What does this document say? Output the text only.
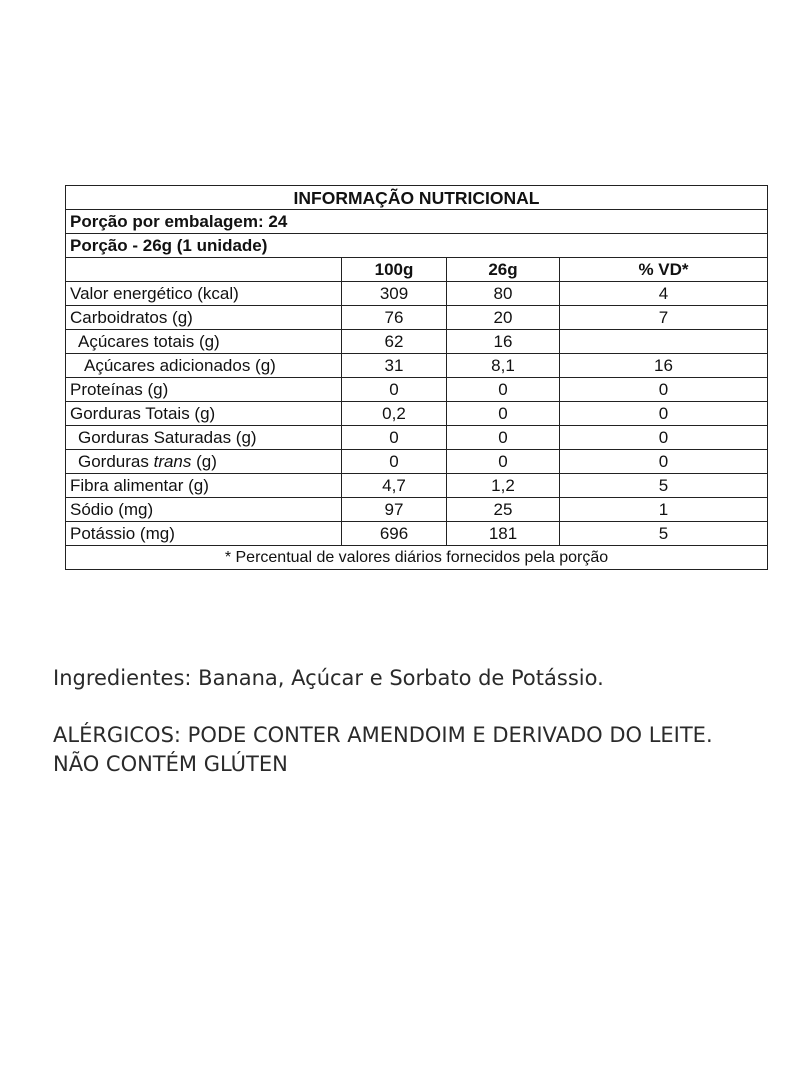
INFORMAÇÃO NUTRICIONAL			
Porção por embalagem: 24			
Porção - 26g (1 unidade)			
	100g	26g	% VD*
Valor energético (kcal)	309	80	4
Carboidratos (g)	76	20	7
Açúcares totais (g)	62	16	
Açúcares adicionados (g)	31	8,1	16
Proteínas (g)	0	0	0
Gorduras Totais (g)	0,2	0	0
Gorduras Saturadas (g)	0	0	0
Gorduras trans (g)	0	0	0
Fibra alimentar (g)	4,7	1,2	5
Sódio (mg)	97	25	1
Potássio (mg)	696	181	5
* Percentual de valores diários fornecidos pela porção			

Ingredientes: Banana, Açúcar e Sorbato de Potássio.

ALÉRGICOS: PODE CONTER AMENDOIM E DERIVADO DO LEITE.

NÃO CONTÉM GLÚTEN
